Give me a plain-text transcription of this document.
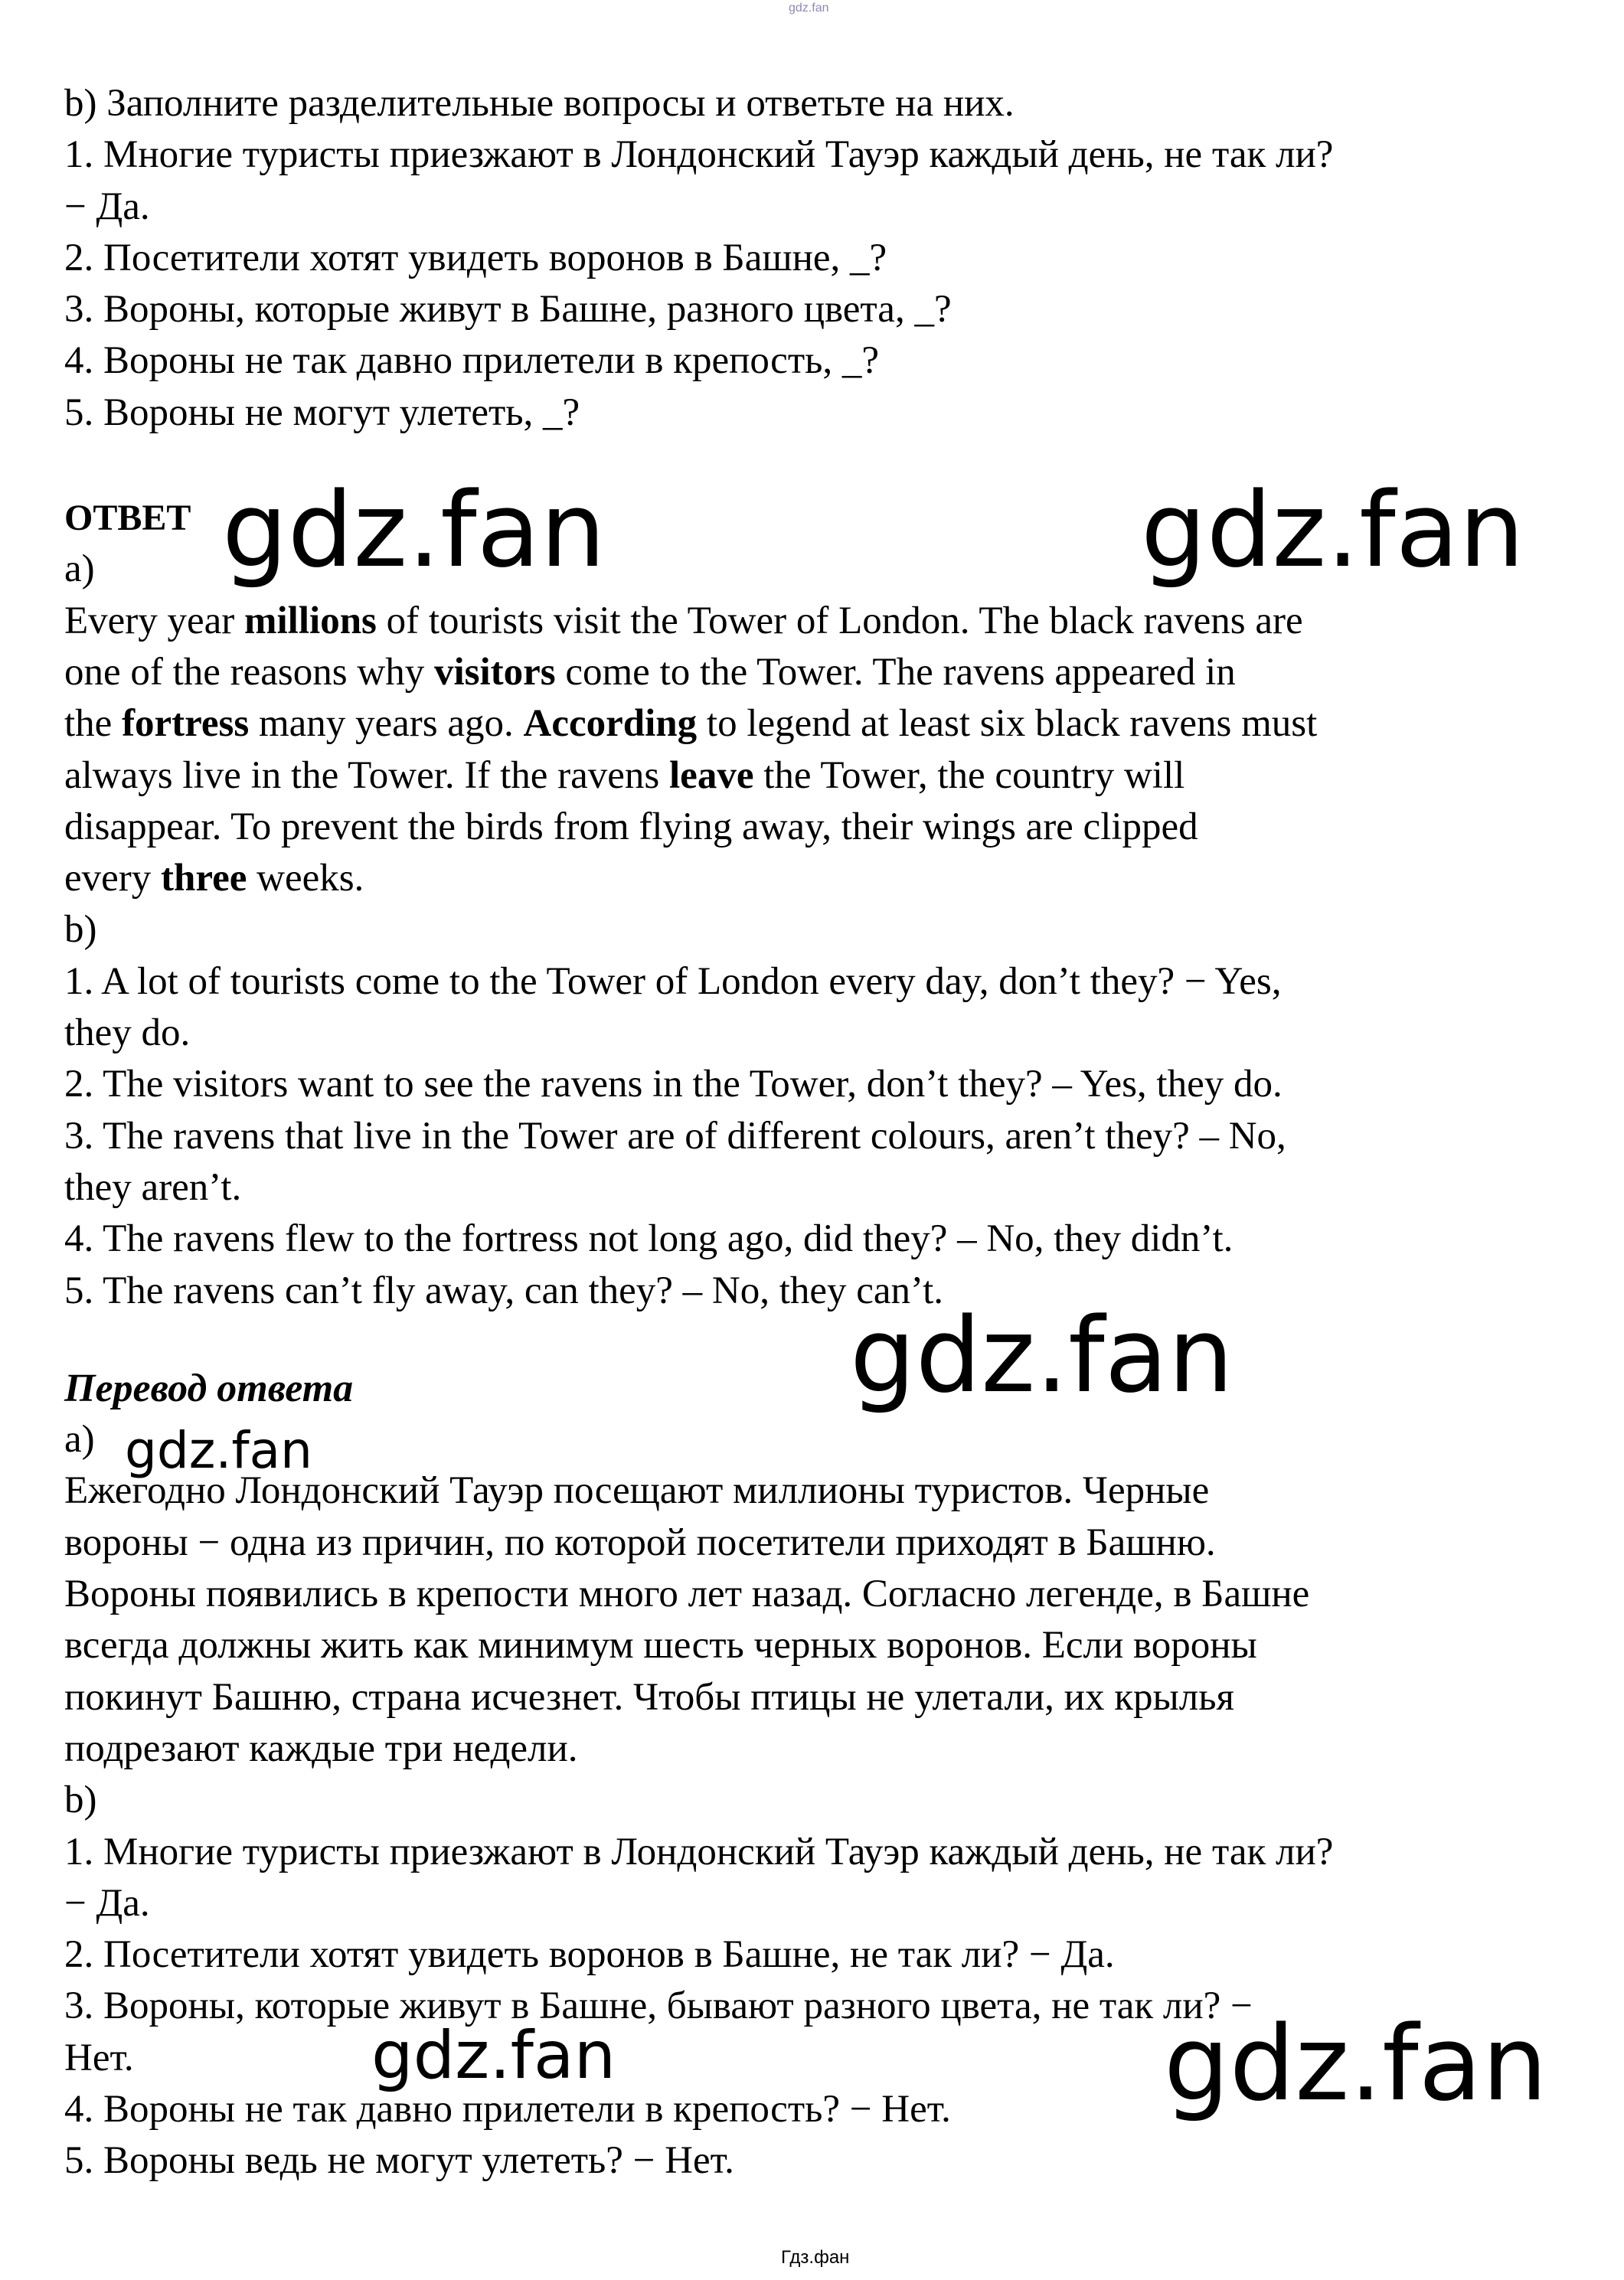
gdz.fan
b) Заполните разделительные вопросы и ответьте на них.
1. Многие туристы приезжают в Лондонский Тауэр каждый день, не так ли?
− Да.
2. Посетители хотят увидеть воронов в Башне, _?
3. Вороны, которые живут в Башне, разного цвета, _?
4. Вороны не так давно прилетели в крепость, _?
5. Вороны не могут улететь, _?
ОТВЕТ
a)
Every year millions of tourists visit the Tower of London. The black ravens are
one of the reasons why visitors come to the Tower. The ravens appeared in
the fortress many years ago. According to legend at least six black ravens must
always live in the Tower. If the ravens leave the Tower, the country will
disappear. To prevent the birds from flying away, their wings are clipped
every three weeks.
b)
1. A lot of tourists come to the Tower of London every day, don’t they? − Yes,
they do.
2. The visitors want to see the ravens in the Tower, don’t they? – Yes, they do.
3. The ravens that live in the Tower are of different colours, aren’t they? – No,
they aren’t.
4. The ravens flew to the fortress not long ago, did they? – No, they didn’t.
5. The ravens can’t fly away, can they? – No, they can’t.
Перевод ответа
a)
Ежегодно Лондонский Тауэр посещают миллионы туристов. Черные
вороны − одна из причин, по которой посетители приходят в Башню.
Вороны появились в крепости много лет назад. Согласно легенде, в Башне
всегда должны жить как минимум шесть черных воронов. Если вороны
покинут Башню, страна исчезнет. Чтобы птицы не улетали, их крылья
подрезают каждые три недели.
b)
1. Многие туристы приезжают в Лондонский Тауэр каждый день, не так ли?
− Да.
2. Посетители хотят увидеть воронов в Башне, не так ли? − Да.
3. Вороны, которые живут в Башне, бывают разного цвета, не так ли? −
Нет.
4. Вороны не так давно прилетели в крепость? − Нет.
5. Вороны ведь не могут улететь? − Нет.
gdz.fan	gdz.fan
gdz.fan
gdz.fan
gdz.fan	gdz.fan
Гдз.фан
